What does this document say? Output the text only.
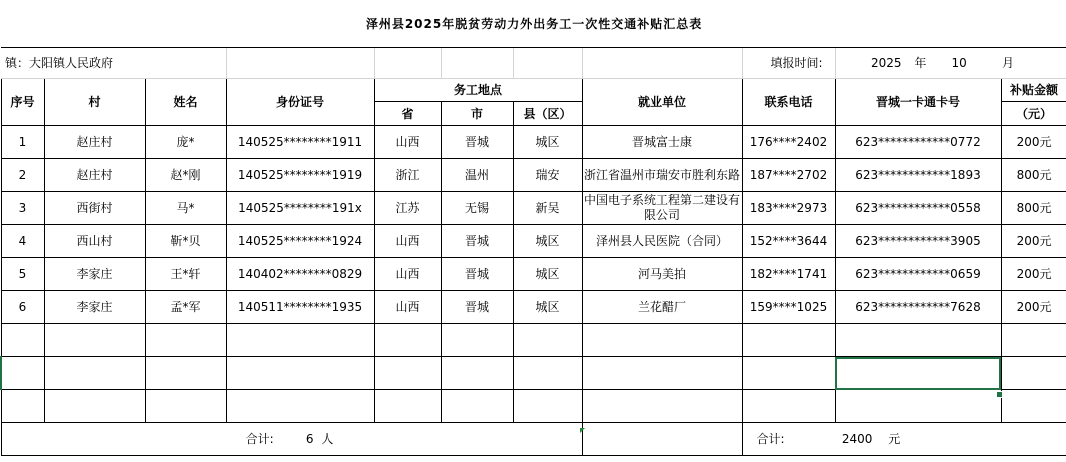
泽州县2025年脱贫劳动力外出务工一次性交通补贴汇总表										
镇：大阳镇人民政府								填报时间:	2025 年 10 月	
序号	村	姓名	身份证号	务工地点			就业单位	联系电话	晋城一卡通卡号	补贴金额
				省	市	县（区）				（元）
1	赵庄村	庞*	140525********1911	山西	晋城	城区	晋城富士康	176****2402	623************0772	200元
2	赵庄村	赵*刚	140525********1919	浙江	温州	瑞安	浙江省温州市瑞安市胜利东路	187****2702	623************1893	800元
3	西街村	马*	140525********191x	江苏	无锡	新吴	中国电子系统工程第二建设有限公司	183****2973	623************0558	800元
4	西山村	靳*贝	140525********1924	山西	晋城	城区	泽州县人民医院（合同）	152****3644	623************3905	200元
5	李家庄	王*轩	140402********0829	山西	晋城	城区	河马美拍	182****1741	623************0659	200元
6	李家庄	孟*军	140511********1935	山西	晋城	城区	兰花醋厂	159****1025	623************7628	200元

合计: 6 人								合计: 2400 元		
